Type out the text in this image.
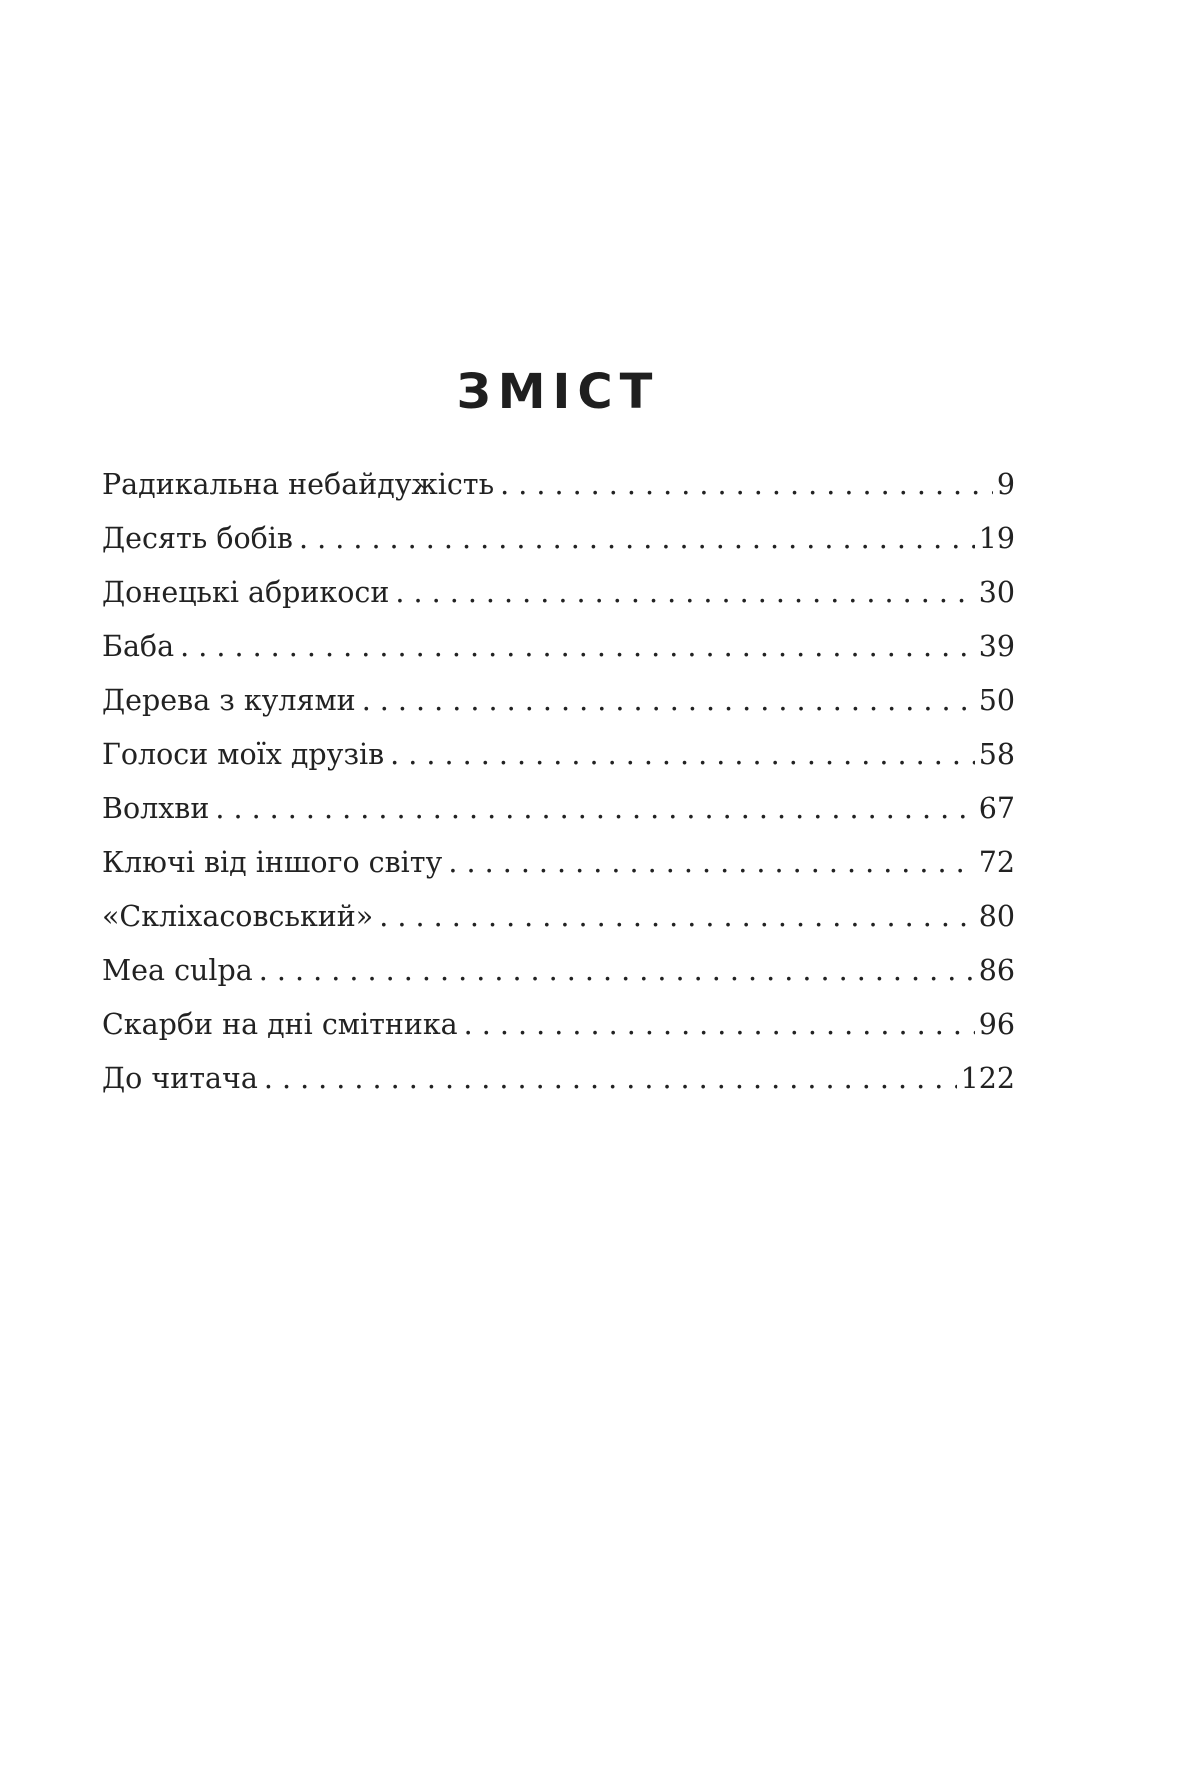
ЗМІСТ
Радикальна небайдужість . . .	9
Десять бобів . . .	19
Донецькі абрикоси . . .	30
Баба . . .	39
Дерева з кулями . . .	50
Голоси моїх друзів . . .	58
Волхви . . .	67
Ключі від іншого світу . . .	72
«Скліхасовський» . . .	80
Mea culpa . . .	86
Скарби на дні смітника . . .	96
До читача . . .	122
